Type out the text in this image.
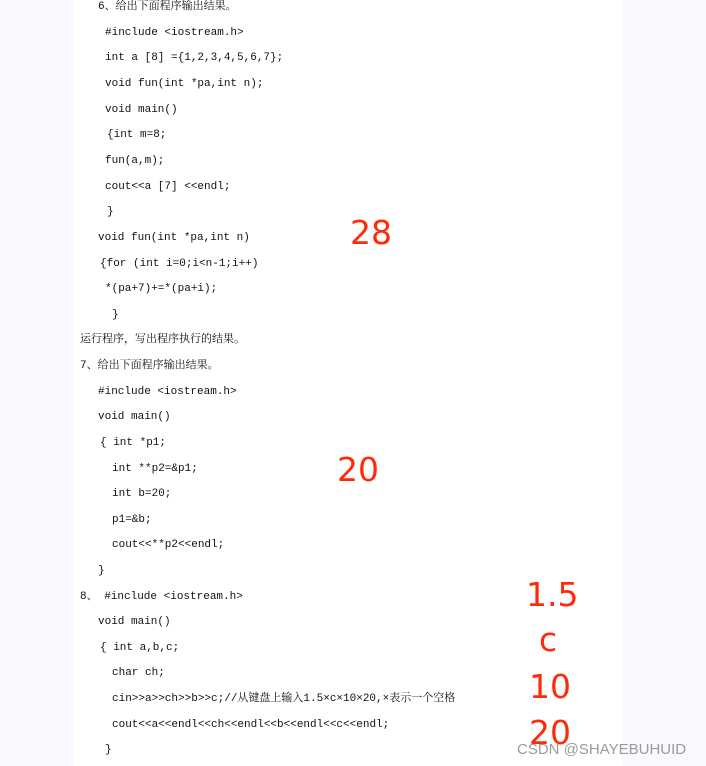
6、给出下面程序输出结果。
#include <iostream.h>
int a [8] ={1,2,3,4,5,6,7};
void fun(int *pa,int n);
void main()
{int m=8;
fun(a,m);
cout<<a [7] <<endl;
}
void fun(int *pa,int n)
{for (int i=0;i<n-1;i++)
*(pa+7)+=*(pa+i);
}
运行程序，写出程序执行的结果。
7、给出下面程序输出结果。
#include <iostream.h>
void main()
{ int *p1;
int **p2=&p1;
int b=20;
p1=&b;
cout<<**p2<<endl;
}
8、 #include <iostream.h>
void main()
{ int a,b,c;
char ch;
cin>>a>>ch>>b>>c;//从键盘上输入1.5×c×10×20,×表示一个空格
cout<<a<<endl<<ch<<endl<<b<<endl<<c<<endl;
}
28
20
1.5
c
10
20
CSDN @SHAYEBUHUID
